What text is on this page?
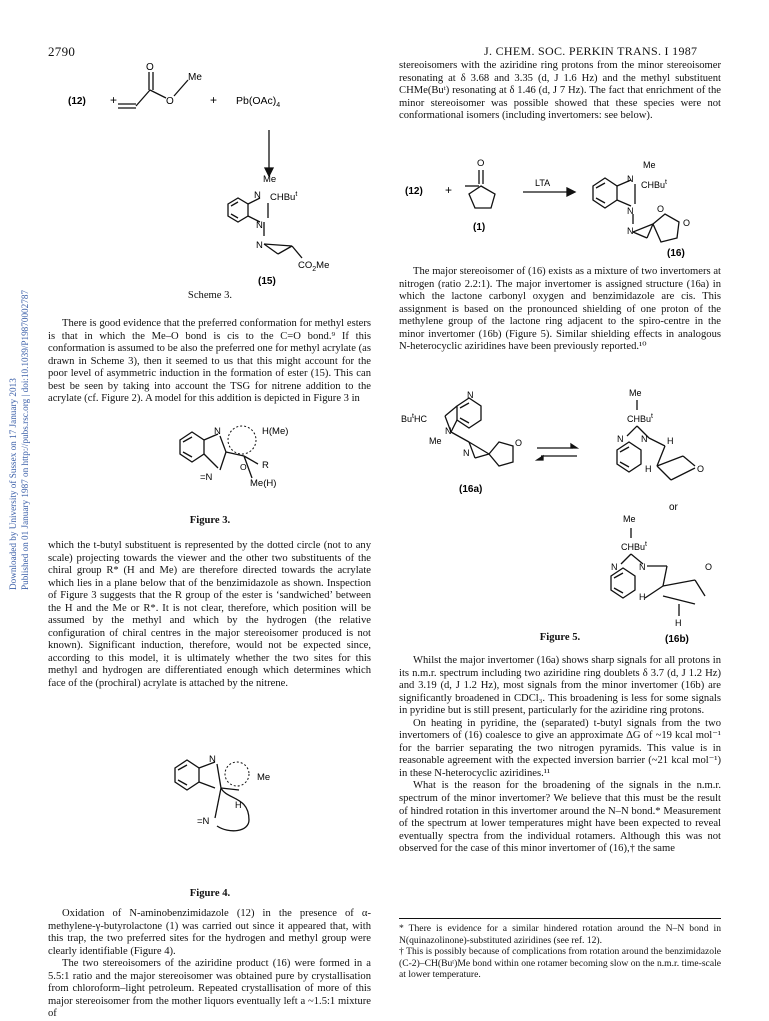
2790	J. CHEM. SOC. PERKIN TRANS. I 1987
Downloaded by University of Sussex on 17 January 2013 Published on 01 January 1987 on http://pubs.rsc.org | doi:10.1039/P19870002787
(12) +
O
O
Me
+ $Pb(OAc)_4$
N
Me
CHBu$^t$
N
N
$CO_2Me$
(15)
Scheme 3.

There is good evidence that the preferred conformation for methyl esters is that in which the Me–O bond is cis to the C=O bond.⁹ If this conformation is assumed to be also the preferred one for methyl acrylate (as drawn in Scheme 3), then it seemed to us that this might account for the poor level of asymmetric induction in the formation of ester (15). This can best be seen by taking into account the TSG for nitrene addition to the acrylate (cf. Figure 2). A model for this addition is depicted in Figure 3 in

N	H(Me)
R
O
=N
Me(H)
Figure 3.

which the t-butyl substituent is represented by the dotted circle (not to any scale) projecting towards the viewer and the other two substituents of the chiral group R* (H and Me) are therefore directed towards the acrylate which lies in a plane below that of the benzimidazole as shown. Inspection of Figure 3 suggests that the R group of the ester is ‘sandwiched’ between the H and the Me or R*. It is not clear, therefore, which position will be assumed by the methyl and which by the hydrogen (the relative configuration of chiral centres in the major stereoisomer produced is not known). Significant induction, therefore, would not be expected since, according to this model, it is ultimately whether the two sites for this methyl and hydrogen are differentiated enough which determines which face of the (prochiral) acrylate is attached by the nitrene.

N
Me
H
=N
Figure 4.

Oxidation of N-aminobenzimidazole (12) in the presence of α-methylene-γ-butyrolactone (1) was carried out since it appeared that, with this trap, the two preferred sites for the hydrogen and methyl group were clearly identifiable (Figure 4).

The two stereoisomers of the aziridine product (16) were formed in a 5.5:1 ratio and the major stereoisomer was obtained pure by crystallisation from chloroform–light petroleum. Repeated crystallisation of more of this major stereoisomer from the mother liquors eventually left a ~1.5:1 mixture of

stereoisomers with the aziridine ring protons from the minor stereoisomer resonating at δ 3.68 and 3.35 (d, J 1.6 Hz) and the methyl substituent CHMe(Buᵗ) resonating at δ 1.46 (d, J 7 Hz). The fact that enrichment of the minor stereoisomer was possible showed that these species were not conformational isomers (including invertomers: see below).

(12) +
O
LTA
(1)
Me
N
CHBu$^t$
N
N
O
O
(16)

The major stereoisomer of (16) exists as a mixture of two invertomers at nitrogen (ratio 2.2:1). The major invertomer is assigned structure (16a) in which the lactone carbonyl oxygen and benzimidazole are cis. This assignment is based on the pronounced shielding of one proton of the methylene group of the lactone ring adjacent to the spiro-centre in the minor invertomer (16b) (Figure 5). Similar shielding effects in analogous N-heterocyclic aziridines have been previously reported.¹⁰

N
Bu$^t$HC
N
Me
N
O
(16a)
Me
CHBu$^t$
N N H
H	O
or
Me
CHBu$^t$
N N
H
O
H
(16b)
Figure 5.

Whilst the major invertomer (16a) shows sharp signals for all protons in its n.m.r. spectrum including two aziridine ring doublets δ 3.7 (d, J 1.2 Hz) and 3.19 (d, J 1.2 Hz), most signals from the minor invertomer (16b) are significantly broadened in CDCl₃. This broadening is less for some signals in pyridine but is still present, particularly for the aziridine ring protons.

On heating in pyridine, the (separated) t-butyl signals from the two invertomers of (16) coalesce to give an approximate ΔG of ~19 kcal mol⁻¹ for the barrier separating the two nitrogen pyramids. This value is in reasonable agreement with the expected inversion barrier (~21 kcal mol⁻¹) in these N-heterocyclic aziridines.¹¹

What is the reason for the broadening of the signals in the n.m.r. spectrum of the minor invertomer? We believe that this must be the result of hindred rotation in this invertomer around the N–N bond.* Measurement of the spectrum at lower temperatures might have been expected to reveal eventually spectra from the individual rotamers. Although this was not observed for the case of this minor invertomer of (16),† the same

* There is evidence for a similar hindered rotation around the N–N bond in N(quinazolinone)-substituted aziridines (see ref. 12).

† This is possibly because of complications from rotation around the benzimidazole (C-2)–CH(Buᵗ)Me bond within one rotamer becoming slow on the n.m.r. time-scale at lower temperature.
